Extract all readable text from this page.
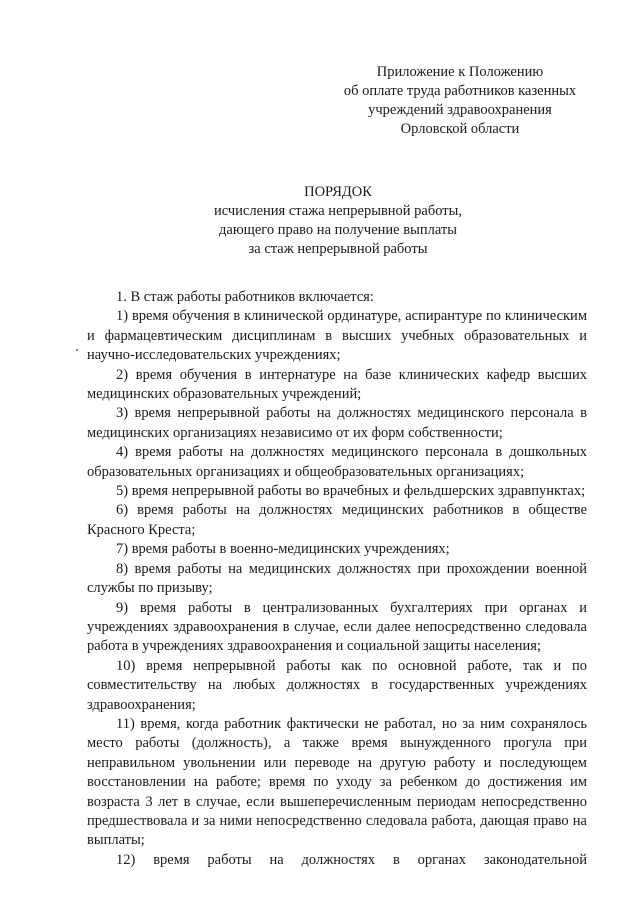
Приложение к Положению
об оплате труда работников казенных
учреждений здравоохранения
Орловской области
ПОРЯДОК
исчисления стажа непрерывной работы,
дающего право на получение выплаты
за стаж непрерывной работы

1. В стаж работы работников включается:

1) время обучения в клинической ординатуре, аспирантуре по клиническим и фармацевтическим дисциплинам в высших учебных образовательных и научно-исследовательских учреждениях;

2) время обучения в интернатуре на базе клинических кафедр высших медицинских образовательных учреждений;

3) время непрерывной работы на должностях медицинского персонала в медицинских организациях независимо от их форм собственности;

4) время работы на должностях медицинского персонала в дошкольных образовательных организациях и общеобразовательных организациях;

5) время непрерывной работы во врачебных и фельдшерских здравпунктах;

6) время работы на должностях медицинских работников в обществе Красного Креста;

7) время работы в военно-медицинских учреждениях;

8) время работы на медицинских должностях при прохождении военной службы по призыву;

9) время работы в централизованных бухгалтериях при органах и учреждениях здравоохранения в случае, если далее непосредственно следовала работа в учреждениях здравоохранения и социальной защиты населения;

10) время непрерывной работы как по основной работе, так и по совместительству на любых должностях в государственных учреждениях здравоохранения;

11) время, когда работник фактически не работал, но за ним сохранялось место работы (должность), а также время вынужденного прогула при неправильном увольнении или переводе на другую работу и последующем восстановлении на работе; время по уходу за ребенком до достижения им возраста 3 лет в случае, если вышеперечисленным периодам непосредственно предшествовала и за ними непосредственно следовала работа, дающая право на выплаты;

12) время работы на должностях в органах законодательной
